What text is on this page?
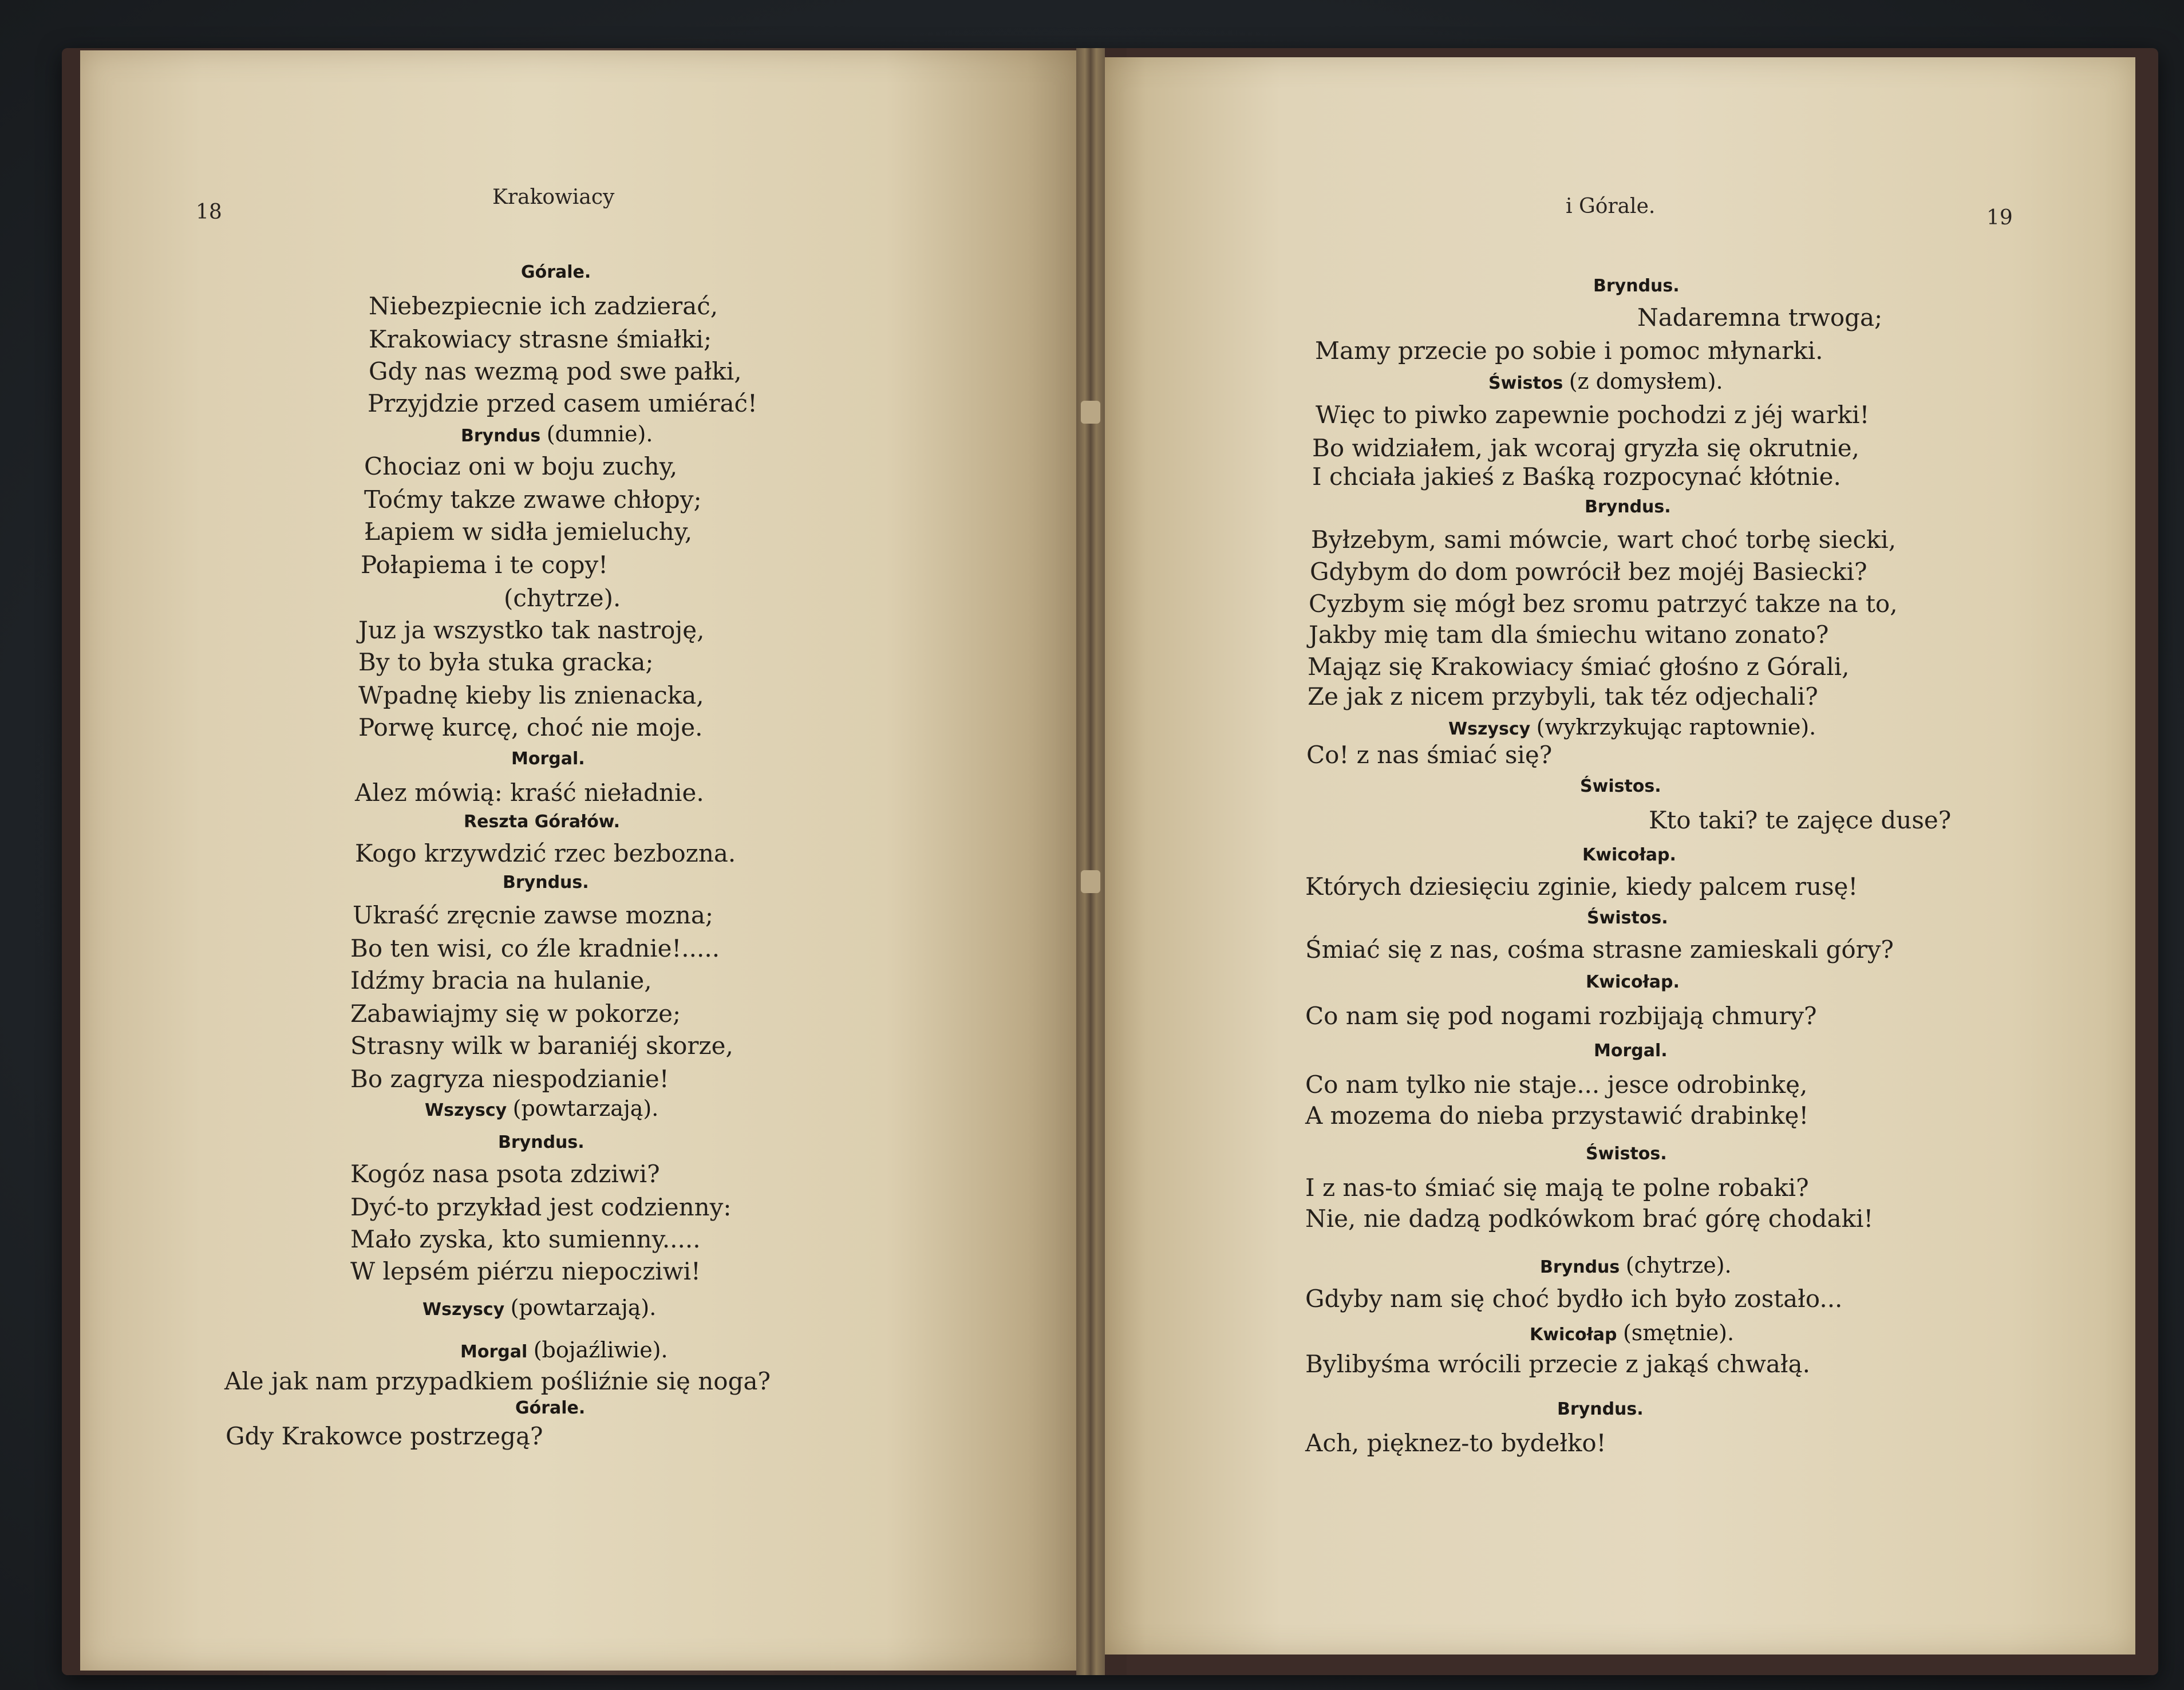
18
Krakowiacy	i Górale.	19
Górale.
Niebezpiecnie ich zadzierać,
Krakowiacy strasne śmiałki;
Gdy nas wezmą pod swe pałki,
Przyjdzie przed casem umiérać!
Bryndus (dumnie).
Chociaz oni w boju zuchy,
Toćmy takze zwawe chłopy;
Łapiem w sidła jemieluchy,
Połapiema i te copy!
(chytrze).
Juz ja wszystko tak nastroję,
By to była stuka gracka;
Wpadnę kieby lis znienacka,
Porwę kurcę, choć nie moje.
Morgal.
Alez mówią: kraść nieładnie.
Reszta Górałów.
Kogo krzywdzić rzec bezbozna.
Bryndus.
Ukraść zręcnie zawse mozna;
Bo ten wisi, co źle kradnie!.....
Idźmy bracia na hulanie,
Zabawiajmy się w pokorze;
Strasny wilk w baraniéj skorze,
Bo zagryza niespodzianie!
Wszyscy (powtarzają).
Bryndus.
Kogóz nasa psota zdziwi?
Dyć-to przykład jest codzienny:
Mało zyska, kto sumienny.....
W lepsém piérzu niepocziwi!
Wszyscy (powtarzają).
Morgal (bojaźliwie).
Ale jak nam przypadkiem pośliźnie się noga?
Górale.
Gdy Krakowce postrzegą?
Bryndus.
Nadaremna trwoga;
Mamy przecie po sobie i pomoc młynarki.
Świstos (z domysłem).
Więc to piwko zapewnie pochodzi z jéj warki!
Bo widziałem, jak wcoraj gryzła się okrutnie,
I chciała jakieś z Baśką rozpocynać kłótnie.
Bryndus.
Byłzebym, sami mówcie, wart choć torbę siecki,
Gdybym do dom powrócił bez mojéj Basiecki?
Cyzbym się mógł bez sromu patrzyć takze na to,
Jakby mię tam dla śmiechu witano zonato?
Mająz się Krakowiacy śmiać głośno z Górali,
Ze jak z nicem przybyli, tak téz odjechali?
Wszyscy (wykrzykując raptownie).
Co! z nas śmiać się?
Świstos.
Kto taki? te zajęce duse?
Kwicołap.
Których dziesięciu zginie, kiedy palcem rusę!
Świstos.
Śmiać się z nas, cośma strasne zamieskali góry?
Kwicołap.
Co nam się pod nogami rozbijają chmury?
Morgal.
Co nam tylko nie staje... jesce odrobinkę,
A mozema do nieba przystawić drabinkę!
Świstos.
I z nas-to śmiać się mają te polne robaki?
Nie, nie dadzą podkówkom brać górę chodaki!
Bryndus (chytrze).
Gdyby nam się choć bydło ich było zostało...
Kwicołap (smętnie).
Bylibyśma wrócili przecie z jakąś chwałą.
Bryndus.
Ach, pięknez-to bydełko!
